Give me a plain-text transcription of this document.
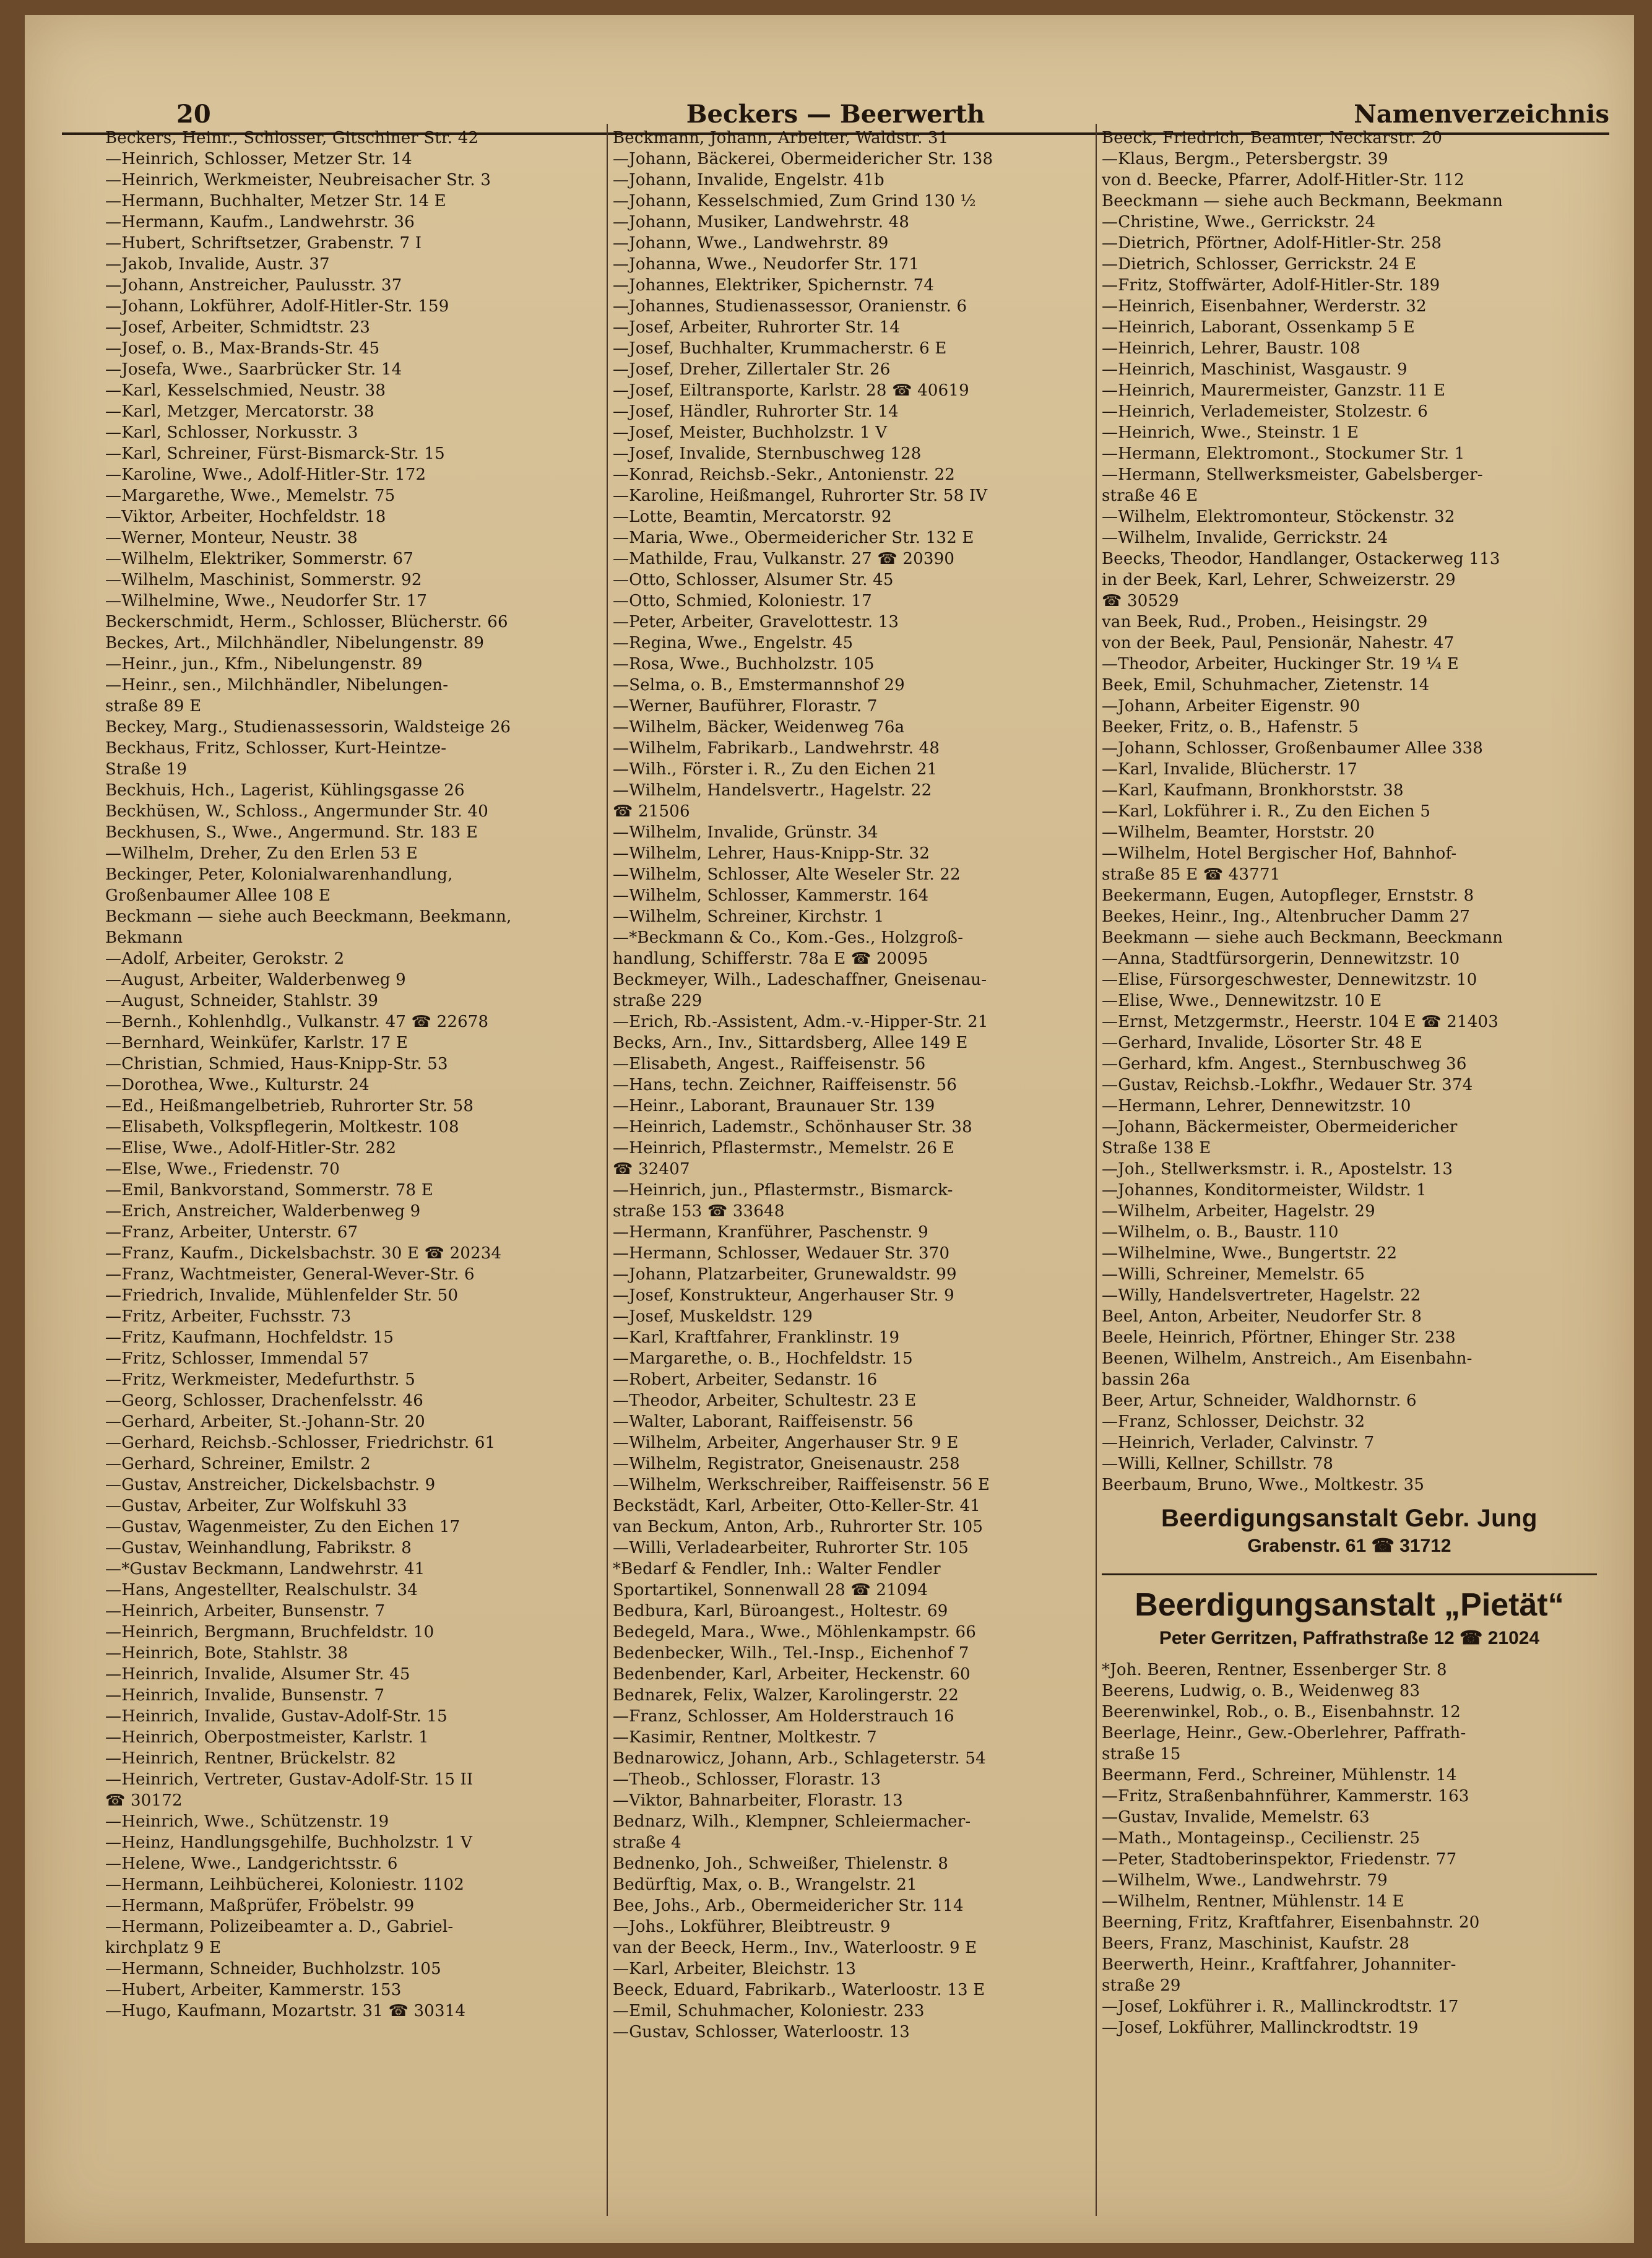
20	Beckers — Beerwerth	Namenverzeichnis
Beckers, Heinr., Schlosser, Gitschiner Str. 42
—Heinrich, Schlosser, Metzer Str. 14
—Heinrich, Werkmeister, Neubreisacher Str. 3
—Hermann, Buchhalter, Metzer Str. 14 E
—Hermann, Kaufm., Landwehrstr. 36
—Hubert, Schriftsetzer, Grabenstr. 7 I
—Jakob, Invalide, Austr. 37
—Johann, Anstreicher, Paulusstr. 37
—Johann, Lokführer, Adolf-Hitler-Str. 159
—Josef, Arbeiter, Schmidtstr. 23
—Josef, o. B., Max-Brands-Str. 45
—Josefa, Wwe., Saarbrücker Str. 14
—Karl, Kesselschmied, Neustr. 38
—Karl, Metzger, Mercatorstr. 38
—Karl, Schlosser, Norkusstr. 3
—Karl, Schreiner, Fürst-Bismarck-Str. 15
—Karoline, Wwe., Adolf-Hitler-Str. 172
—Margarethe, Wwe., Memelstr. 75
—Viktor, Arbeiter, Hochfeldstr. 18
—Werner, Monteur, Neustr. 38
—Wilhelm, Elektriker, Sommerstr. 67
—Wilhelm, Maschinist, Sommerstr. 92
—Wilhelmine, Wwe., Neudorfer Str. 17
Beckerschmidt, Herm., Schlosser, Blücherstr. 66
Beckes, Art., Milchhändler, Nibelungenstr. 89
—Heinr., jun., Kfm., Nibelungenstr. 89
—Heinr., sen., Milchhändler, Nibelungen-
straße 89 E
Beckey, Marg., Studienassessorin, Waldsteige 26
Beckhaus, Fritz, Schlosser, Kurt-Heintze-
Straße 19
Beckhuis, Hch., Lagerist, Kühlingsgasse 26
Beckhüsen, W., Schloss., Angermunder Str. 40
Beckhusen, S., Wwe., Angermund. Str. 183 E
—Wilhelm, Dreher, Zu den Erlen 53 E
Beckinger, Peter, Kolonialwarenhandlung,
Großenbaumer Allee 108 E
Beckmann — siehe auch Beeckmann, Beekmann,
Bekmann
—Adolf, Arbeiter, Gerokstr. 2
—August, Arbeiter, Walderbenweg 9
—August, Schneider, Stahlstr. 39
—Bernh., Kohlenhdlg., Vulkanstr. 47 ☎ 22678
—Bernhard, Weinküfer, Karlstr. 17 E
—Christian, Schmied, Haus-Knipp-Str. 53
—Dorothea, Wwe., Kulturstr. 24
—Ed., Heißmangelbetrieb, Ruhrorter Str. 58
—Elisabeth, Volkspflegerin, Moltkestr. 108
—Elise, Wwe., Adolf-Hitler-Str. 282
—Else, Wwe., Friedenstr. 70
—Emil, Bankvorstand, Sommerstr. 78 E
—Erich, Anstreicher, Walderbenweg 9
—Franz, Arbeiter, Unterstr. 67
—Franz, Kaufm., Dickelsbachstr. 30 E ☎ 20234
—Franz, Wachtmeister, General-Wever-Str. 6
—Friedrich, Invalide, Mühlenfelder Str. 50
—Fritz, Arbeiter, Fuchsstr. 73
—Fritz, Kaufmann, Hochfeldstr. 15
—Fritz, Schlosser, Immendal 57
—Fritz, Werkmeister, Medefurthstr. 5
—Georg, Schlosser, Drachenfelsstr. 46
—Gerhard, Arbeiter, St.-Johann-Str. 20
—Gerhard, Reichsb.-Schlosser, Friedrichstr. 61
—Gerhard, Schreiner, Emilstr. 2
—Gustav, Anstreicher, Dickelsbachstr. 9
—Gustav, Arbeiter, Zur Wolfskuhl 33
—Gustav, Wagenmeister, Zu den Eichen 17
—Gustav, Weinhandlung, Fabrikstr. 8
—*Gustav Beckmann, Landwehrstr. 41
—Hans, Angestellter, Realschulstr. 34
—Heinrich, Arbeiter, Bunsenstr. 7
—Heinrich, Bergmann, Bruchfeldstr. 10
—Heinrich, Bote, Stahlstr. 38
—Heinrich, Invalide, Alsumer Str. 45
—Heinrich, Invalide, Bunsenstr. 7
—Heinrich, Invalide, Gustav-Adolf-Str. 15
—Heinrich, Oberpostmeister, Karlstr. 1
—Heinrich, Rentner, Brückelstr. 82
—Heinrich, Vertreter, Gustav-Adolf-Str. 15 II
☎ 30172
—Heinrich, Wwe., Schützenstr. 19
—Heinz, Handlungsgehilfe, Buchholzstr. 1 V
—Helene, Wwe., Landgerichtsstr. 6
—Hermann, Leihbücherei, Koloniestr. 1102
—Hermann, Maßprüfer, Fröbelstr. 99
—Hermann, Polizeibeamter a. D., Gabriel-
kirchplatz 9 E
—Hermann, Schneider, Buchholzstr. 105
—Hubert, Arbeiter, Kammerstr. 153
—Hugo, Kaufmann, Mozartstr. 31 ☎ 30314
Beckmann, Johann, Arbeiter, Waldstr. 31
—Johann, Bäckerei, Obermeidericher Str. 138
—Johann, Invalide, Engelstr. 41b
—Johann, Kesselschmied, Zum Grind 130 ½
—Johann, Musiker, Landwehrstr. 48
—Johann, Wwe., Landwehrstr. 89
—Johanna, Wwe., Neudorfer Str. 171
—Johannes, Elektriker, Spichernstr. 74
—Johannes, Studienassessor, Oranienstr. 6
—Josef, Arbeiter, Ruhrorter Str. 14
—Josef, Buchhalter, Krummacherstr. 6 E
—Josef, Dreher, Zillertaler Str. 26
—Josef, Eiltransporte, Karlstr. 28 ☎ 40619
—Josef, Händler, Ruhrorter Str. 14
—Josef, Meister, Buchholzstr. 1 V
—Josef, Invalide, Sternbuschweg 128
—Konrad, Reichsb.-Sekr., Antonienstr. 22
—Karoline, Heißmangel, Ruhrorter Str. 58 IV
—Lotte, Beamtin, Mercatorstr. 92
—Maria, Wwe., Obermeidericher Str. 132 E
—Mathilde, Frau, Vulkanstr. 27 ☎ 20390
—Otto, Schlosser, Alsumer Str. 45
—Otto, Schmied, Koloniestr. 17
—Peter, Arbeiter, Gravelottestr. 13
—Regina, Wwe., Engelstr. 45
—Rosa, Wwe., Buchholzstr. 105
—Selma, o. B., Emstermannshof 29
—Werner, Bauführer, Florastr. 7
—Wilhelm, Bäcker, Weidenweg 76a
—Wilhelm, Fabrikarb., Landwehrstr. 48
—Wilh., Förster i. R., Zu den Eichen 21
—Wilhelm, Handelsvertr., Hagelstr. 22
☎ 21506
—Wilhelm, Invalide, Grünstr. 34
—Wilhelm, Lehrer, Haus-Knipp-Str. 32
—Wilhelm, Schlosser, Alte Weseler Str. 22
—Wilhelm, Schlosser, Kammerstr. 164
—Wilhelm, Schreiner, Kirchstr. 1
—*Beckmann & Co., Kom.-Ges., Holzgroß-
handlung, Schifferstr. 78a E ☎ 20095
Beckmeyer, Wilh., Ladeschaffner, Gneisenau-
straße 229
—Erich, Rb.-Assistent, Adm.-v.-Hipper-Str. 21
Becks, Arn., Inv., Sittardsberg, Allee 149 E
—Elisabeth, Angest., Raiffeisenstr. 56
—Hans, techn. Zeichner, Raiffeisenstr. 56
—Heinr., Laborant, Braunauer Str. 139
—Heinrich, Lademstr., Schönhauser Str. 38
—Heinrich, Pflastermstr., Memelstr. 26 E
☎ 32407
—Heinrich, jun., Pflastermstr., Bismarck-
straße 153 ☎ 33648
—Hermann, Kranführer, Paschenstr. 9
—Hermann, Schlosser, Wedauer Str. 370
—Johann, Platzarbeiter, Grunewaldstr. 99
—Josef, Konstrukteur, Angerhauser Str. 9
—Josef, Muskeldstr. 129
—Karl, Kraftfahrer, Franklinstr. 19
—Margarethe, o. B., Hochfeldstr. 15
—Robert, Arbeiter, Sedanstr. 16
—Theodor, Arbeiter, Schultestr. 23 E
—Walter, Laborant, Raiffeisenstr. 56
—Wilhelm, Arbeiter, Angerhauser Str. 9 E
—Wilhelm, Registrator, Gneisenaustr. 258
—Wilhelm, Werkschreiber, Raiffeisenstr. 56 E
Beckstädt, Karl, Arbeiter, Otto-Keller-Str. 41
van Beckum, Anton, Arb., Ruhrorter Str. 105
—Willi, Verladearbeiter, Ruhrorter Str. 105
*Bedarf & Fendler, Inh.: Walter Fendler
Sportartikel, Sonnenwall 28 ☎ 21094
Bedbura, Karl, Büroangest., Holtestr. 69
Bedegeld, Mara., Wwe., Möhlenkampstr. 66
Bedenbecker, Wilh., Tel.-Insp., Eichenhof 7
Bedenbender, Karl, Arbeiter, Heckenstr. 60
Bednarek, Felix, Walzer, Karolingerstr. 22
—Franz, Schlosser, Am Holderstrauch 16
—Kasimir, Rentner, Moltkestr. 7
Bednarowicz, Johann, Arb., Schlageterstr. 54
—Theob., Schlosser, Florastr. 13
—Viktor, Bahnarbeiter, Florastr. 13
Bednarz, Wilh., Klempner, Schleiermacher-
straße 4
Bednenko, Joh., Schweißer, Thielenstr. 8
Bedürftig, Max, o. B., Wrangelstr. 21
Bee, Johs., Arb., Obermeidericher Str. 114
—Johs., Lokführer, Bleibtreustr. 9
van der Beeck, Herm., Inv., Waterloostr. 9 E
—Karl, Arbeiter, Bleichstr. 13
Beeck, Eduard, Fabrikarb., Waterloostr. 13 E
—Emil, Schuhmacher, Koloniestr. 233
—Gustav, Schlosser, Waterloostr. 13
Beeck, Friedrich, Beamter, Neckarstr. 20
—Klaus, Bergm., Petersbergstr. 39
von d. Beecke, Pfarrer, Adolf-Hitler-Str. 112
Beeckmann — siehe auch Beckmann, Beekmann
—Christine, Wwe., Gerrickstr. 24
—Dietrich, Pförtner, Adolf-Hitler-Str. 258
—Dietrich, Schlosser, Gerrickstr. 24 E
—Fritz, Stoffwärter, Adolf-Hitler-Str. 189
—Heinrich, Eisenbahner, Werderstr. 32
—Heinrich, Laborant, Ossenkamp 5 E
—Heinrich, Lehrer, Baustr. 108
—Heinrich, Maschinist, Wasgaustr. 9
—Heinrich, Maurermeister, Ganzstr. 11 E
—Heinrich, Verlademeister, Stolzestr. 6
—Heinrich, Wwe., Steinstr. 1 E
—Hermann, Elektromont., Stockumer Str. 1
—Hermann, Stellwerksmeister, Gabelsberger-
straße 46 E
—Wilhelm, Elektromonteur, Stöckenstr. 32
—Wilhelm, Invalide, Gerrickstr. 24
Beecks, Theodor, Handlanger, Ostackerweg 113
in der Beek, Karl, Lehrer, Schweizerstr. 29
☎ 30529
van Beek, Rud., Proben., Heisingstr. 29
von der Beek, Paul, Pensionär, Nahestr. 47
—Theodor, Arbeiter, Huckinger Str. 19 ¼ E
Beek, Emil, Schuhmacher, Zietenstr. 14
—Johann, Arbeiter Eigenstr. 90
Beeker, Fritz, o. B., Hafenstr. 5
—Johann, Schlosser, Großenbaumer Allee 338
—Karl, Invalide, Blücherstr. 17
—Karl, Kaufmann, Bronkhorststr. 38
—Karl, Lokführer i. R., Zu den Eichen 5
—Wilhelm, Beamter, Horststr. 20
—Wilhelm, Hotel Bergischer Hof, Bahnhof-
straße 85 E ☎ 43771
Beekermann, Eugen, Autopfleger, Ernststr. 8
Beekes, Heinr., Ing., Altenbrucher Damm 27
Beekmann — siehe auch Beckmann, Beeckmann
—Anna, Stadtfürsorgerin, Dennewitzstr. 10
—Elise, Fürsorgeschwester, Dennewitzstr. 10
—Elise, Wwe., Dennewitzstr. 10 E
—Ernst, Metzgermstr., Heerstr. 104 E ☎ 21403
—Gerhard, Invalide, Lösorter Str. 48 E
—Gerhard, kfm. Angest., Sternbuschweg 36
—Gustav, Reichsb.-Lokfhr., Wedauer Str. 374
—Hermann, Lehrer, Dennewitzstr. 10
—Johann, Bäckermeister, Obermeidericher
Straße 138 E
—Joh., Stellwerksmstr. i. R., Apostelstr. 13
—Johannes, Konditormeister, Wildstr. 1
—Wilhelm, Arbeiter, Hagelstr. 29
—Wilhelm, o. B., Baustr. 110
—Wilhelmine, Wwe., Bungertstr. 22
—Willi, Schreiner, Memelstr. 65
—Willy, Handelsvertreter, Hagelstr. 22
Beel, Anton, Arbeiter, Neudorfer Str. 8
Beele, Heinrich, Pförtner, Ehinger Str. 238
Beenen, Wilhelm, Anstreich., Am Eisenbahn-
bassin 26a
Beer, Artur, Schneider, Waldhornstr. 6
—Franz, Schlosser, Deichstr. 32
—Heinrich, Verlader, Calvinstr. 7
—Willi, Kellner, Schillstr. 78
Beerbaum, Bruno, Wwe., Moltkestr. 35
Beerdigungsanstalt Gebr. Jung
Grabenstr. 61 ☎ 31712
Beerdigungsanstalt „Pietät“
Peter Gerritzen, Paffrathstraße 12 ☎ 21024
*Joh. Beeren, Rentner, Essenberger Str. 8
Beerens, Ludwig, o. B., Weidenweg 83
Beerenwinkel, Rob., o. B., Eisenbahnstr. 12
Beerlage, Heinr., Gew.-Oberlehrer, Paffrath-
straße 15
Beermann, Ferd., Schreiner, Mühlenstr. 14
—Fritz, Straßenbahnführer, Kammerstr. 163
—Gustav, Invalide, Memelstr. 63
—Math., Montageinsp., Cecilienstr. 25
—Peter, Stadtoberinspektor, Friedenstr. 77
—Wilhelm, Wwe., Landwehrstr. 79
—Wilhelm, Rentner, Mühlenstr. 14 E
Beerning, Fritz, Kraftfahrer, Eisenbahnstr. 20
Beers, Franz, Maschinist, Kaufstr. 28
Beerwerth, Heinr., Kraftfahrer, Johanniter-
straße 29
—Josef, Lokführer i. R., Mallinckrodtstr. 17
—Josef, Lokführer, Mallinckrodtstr. 19
